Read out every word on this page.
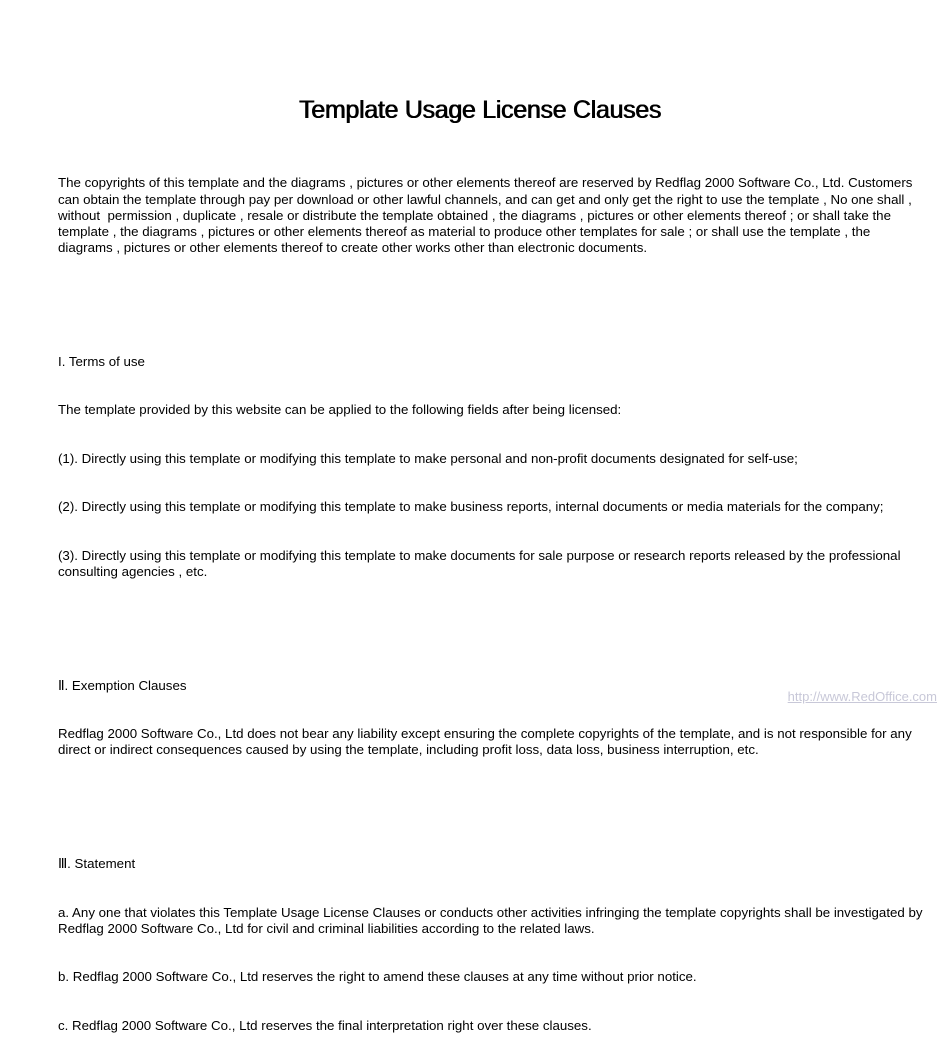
Template Usage License Clauses

The copyrights of this template and the diagrams , pictures or other elements thereof are reserved by Redflag 2000 Software Co., Ltd. Customers can obtain the template through pay per download or other lawful channels, and can get and only get the right to use the template , No one shall , without  permission , duplicate , resale or distribute the template obtained , the diagrams , pictures or other elements thereof ; or shall take the template , the diagrams , pictures or other elements thereof as material to produce other templates for sale ; or shall use the template , the diagrams , pictures or other elements thereof to create other works other than electronic documents.

I. Terms of use

The template provided by this website can be applied to the following fields after being licensed:

(1). Directly using this template or modifying this template to make personal and non-profit documents designated for self-use;

(2). Directly using this template or modifying this template to make business reports, internal documents or media materials for the company;

(3). Directly using this template or modifying this template to make documents for sale purpose or research reports released by the professional consulting agencies , etc.

Ⅱ. Exemption Clauses

Redflag 2000 Software Co., Ltd does not bear any liability except ensuring the complete copyrights of the template, and is not responsible for any direct or indirect consequences caused by using the template, including profit loss, data loss, business interruption, etc.

Ⅲ. Statement

a. Any one that violates this Template Usage License Clauses or conducts other activities infringing the template copyrights shall be investigated by Redflag 2000 Software Co., Ltd for civil and criminal liabilities according to the related laws.

b. Redflag 2000 Software Co., Ltd reserves the right to amend these clauses at any time without prior notice.

c. Redflag 2000 Software Co., Ltd reserves the final interpretation right over these clauses.

http://www.RedOffice.com
